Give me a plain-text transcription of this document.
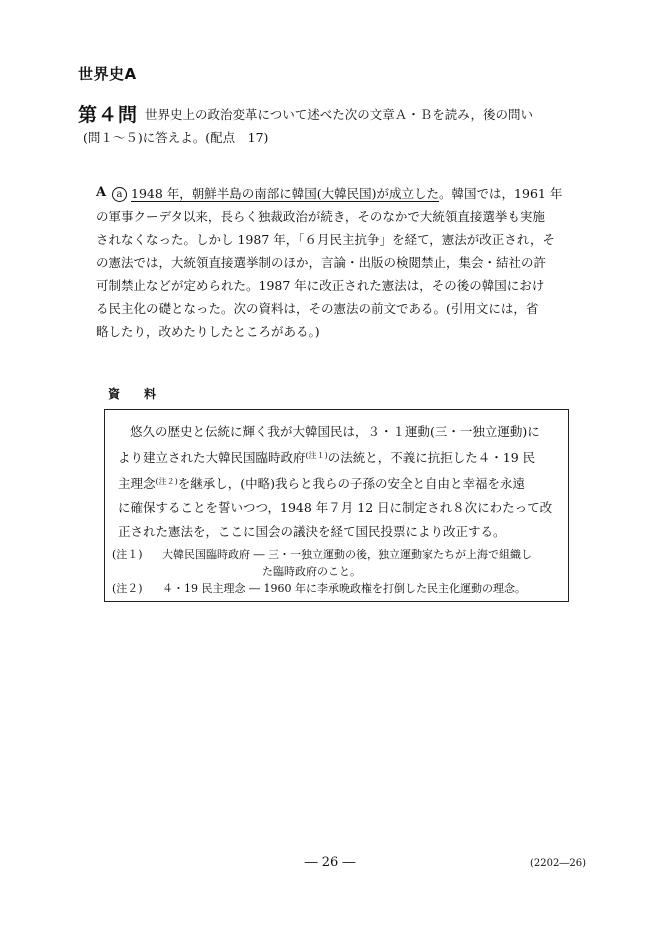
世界史A
第４問 世界史上の政治変革について述べた次の文章Ａ・Ｂを読み，後の問い
(問１～５)に答えよ。(配点　17)
A	a 1948 年，朝鮮半島の南部に韓国(大韓民国)が成立した。韓国では，1961 年
の軍事クーデタ以来，長らく独裁政治が続き，そのなかで大統領直接選挙も実施
されなくなった。しかし 1987 年，「６月民主抗争」を経て，憲法が改正され，そ
の憲法では，大統領直接選挙制のほか，言論・出版の検閲禁止，集会・結社の許
可制禁止などが定められた。1987 年に改正された憲法は，その後の韓国におけ
る民主化の礎となった。次の資料は，その憲法の前文である。(引用文には，省
略したり，改めたりしたところがある。)
資　料
悠久の歴史と伝統に輝く我が大韓国民は，３・１運動(三・一独立運動)に
より建立された大韓民国臨時政府$^{(注1)}$の法統と，不義に抗拒した４・19 民
主理念$^{(注2)}$を継承し，(中略)我らと我らの子孫の安全と自由と幸福を永遠
に確保することを誓いつつ，1948 年７月 12 日に制定され８次にわたって改
正された憲法を，ここに国会の議決を経て国民投票により改正する。
(注１)	大韓民国臨時政府 ― 三・一独立運動の後，独立運動家たちが上海で組織し
た臨時政府のこと。
(注２)	４・19 民主理念 ― 1960 年に李承晩政権を打倒した民主化運動の理念。
― 26 ―	(2202―26)
